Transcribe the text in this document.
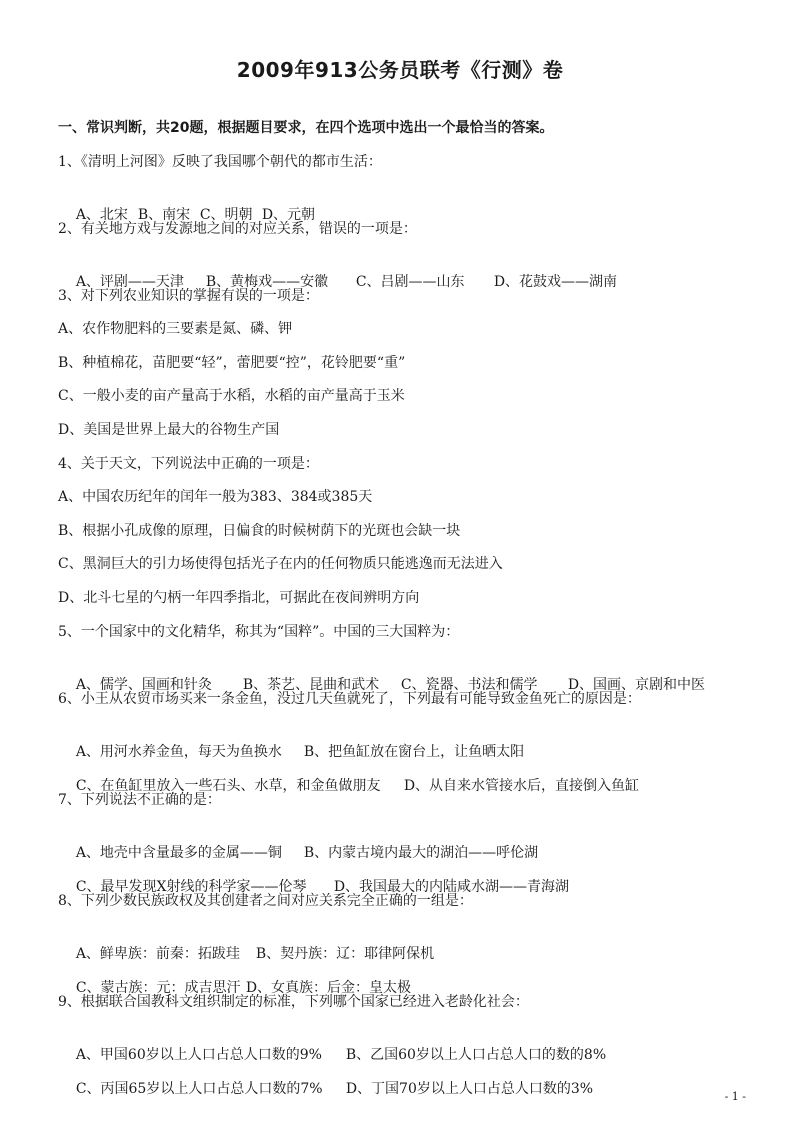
2009年913公务员联考《行测》卷
一、常识判断，共20题，根据题目要求，在四个选项中选出一个最恰当的答案。
1、《清明上河图》反映了我国哪个朝代的都市生活：

A、北宋 B、南宋 C、明朝 D、元朝

2、有关地方戏与发源地之间的对应关系，错误的一项是：

A、评剧——天津 B、黄梅戏——安徽 C、吕剧——山东 D、花鼓戏——湖南

3、对下列农业知识的掌握有误的一项是：
A、农作物肥料的三要素是氮、磷、钾
B、种植棉花，苗肥要“轻”，蕾肥要“控”，花铃肥要“重”
C、一般小麦的亩产量高于水稻，水稻的亩产量高于玉米
D、美国是世界上最大的谷物生产国
4、关于天文，下列说法中正确的一项是：
A、中国农历纪年的闰年一般为383、384或385天
B、根据小孔成像的原理，日偏食的时候树荫下的光斑也会缺一块
C、黑洞巨大的引力场使得包括光子在内的任何物质只能逃逸而无法进入
D、北斗七星的勺柄一年四季指北，可据此在夜间辨明方向
5、一个国家中的文化精华，称其为“国粹”。中国的三大国粹为：

A、儒学、国画和针灸 B、茶艺、昆曲和武术 C、瓷器、书法和儒学 D、国画、京剧和中医

6、小王从农贸市场买来一条金鱼，没过几天鱼就死了，下列最有可能导致金鱼死亡的原因是：

A、用河水养金鱼，每天为鱼换水 B、把鱼缸放在窗台上，让鱼晒太阳

C、在鱼缸里放入一些石头、水草，和金鱼做朋友 D、从自来水管接水后，直接倒入鱼缸

7、下列说法不正确的是：

A、地壳中含量最多的金属——铜 B、内蒙古境内最大的湖泊——呼伦湖

C、最早发现X射线的科学家——伦琴 D、我国最大的内陆咸水湖——青海湖

8、下列少数民族政权及其创建者之间对应关系完全正确的一组是：

A、鲜卑族：前秦：拓跋珪 B、契丹族：辽：耶律阿保机

C、蒙古族：元：成吉思汗 D、女真族：后金：皇太极

9、根据联合国教科文组织制定的标准，下列哪个国家已经进入老龄化社会：

A、甲国60岁以上人口占总人口数的9% B、乙国60岁以上人口占总人口的数的8%

C、丙国65岁以上人口占总人口数的7% D、丁国70岁以上人口占总人口数的3%
	- 1 -
